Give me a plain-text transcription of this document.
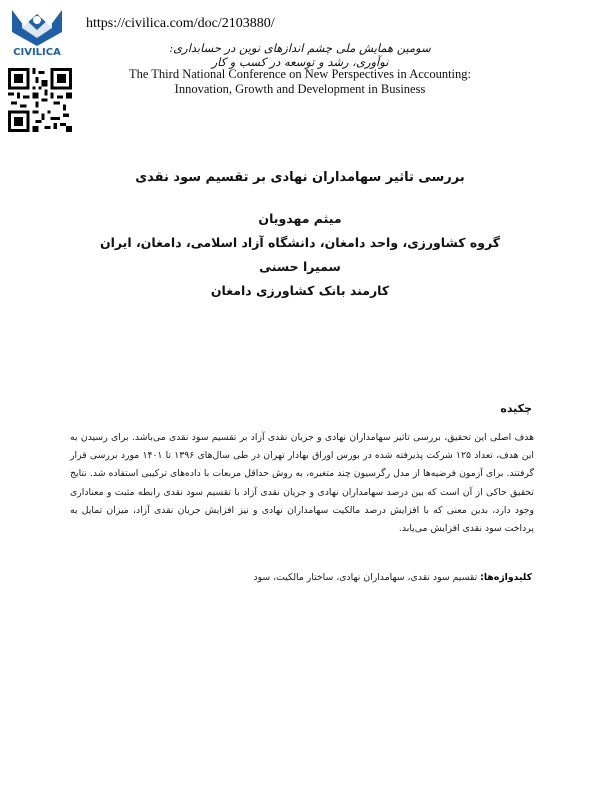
CIVILICA
https://civilica.com/doc/2103880/
سومین همایش ملی چشم اندازهای نوین در حسابداری: نوآوری، رشد و توسعه در کسب و کار
The Third National Conference on New Perspectives in Accounting:
Innovation, Growth and Development in Business
بررسی تاثیر سهامداران نهادی بر تقسیم سود نقدی
میثم مهدویان
گروه کشاورزی، واحد دامغان، دانشگاه آزاد اسلامی، دامغان، ایران
سمیرا حسنی
کارمند بانک کشاورزی دامغان
چکیده
هدف اصلی این تحقیق، بررسی تاثیر سهامداران نهادی و جریان نقدی آزاد بر تقسیم سود نقدی می‌باشد. برای رسیدن به این هدف، تعداد ۱۲۵ شرکت پذیرفته شده در بورس اوراق بهادار تهران در طی سال‌های ۱۳۹۶ تا ۱۴۰۱ مورد بررسی قرار گرفتند. برای آزمون فرضیه‌ها از مدل رگرسیون چند متغیره، به روش حداقل مربعات با داده‌های ترکیبی استفاده شد. نتایج تحقیق حاکی از آن است که بین درصد سهامداران نهادی و جریان نقدی آزاد با تقسیم سود نقدی رابطه مثبت و معناداری وجود دارد، بدین معنی که با افزایش درصد مالکیت سهامداران نهادی و نیز افزایش جریان نقدی آزاد، میزان تمایل به پرداخت سود نقدی افزایش می‌یابد.
کلیدواژه‌ها: تقسیم سود نقدی، سهامداران نهادی، ساختار مالکیت، سود
